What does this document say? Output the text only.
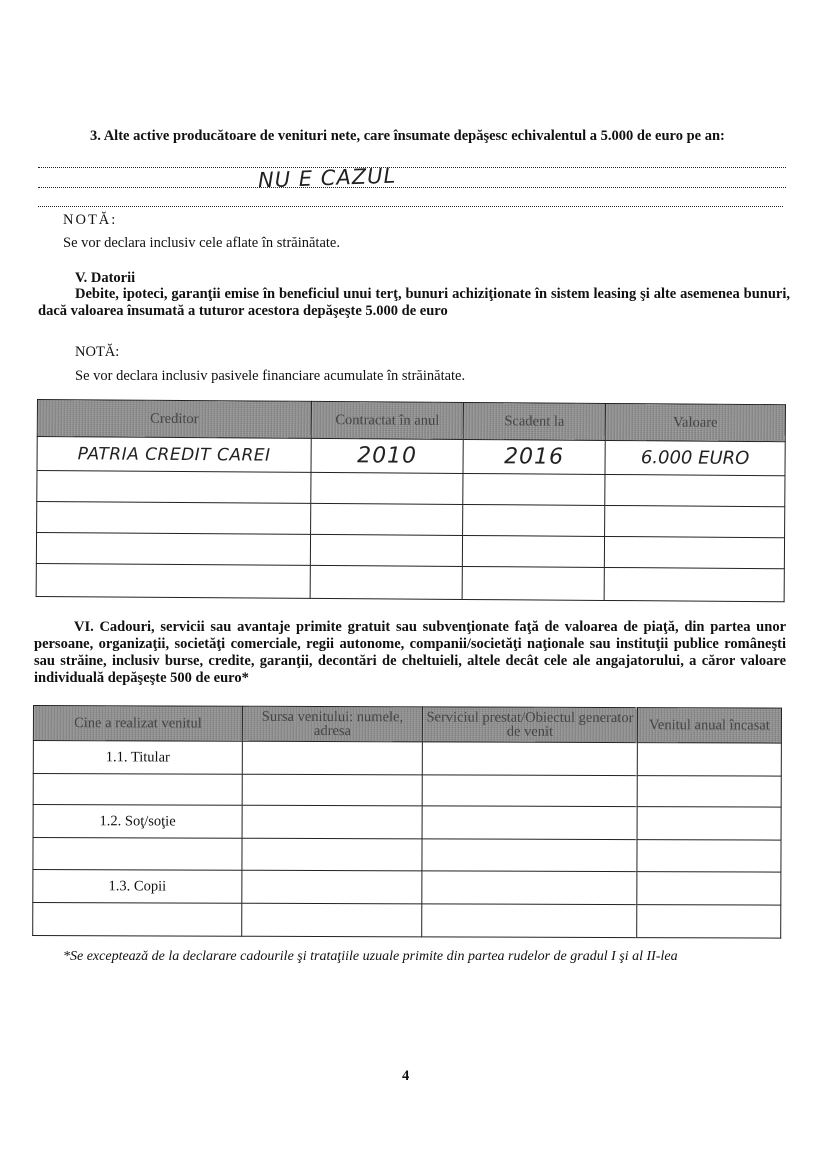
3. Alte active producătoare de venituri nete, care însumate depăşesc echivalentul a 5.000 de euro pe an:
NU E CAZUL
NOTĂ:
Se vor declara inclusiv cele aflate în străinătate.
V. Datorii
Debite, ipoteci, garanţii emise în beneficiul unui terţ, bunuri achiziţionate în sistem leasing şi alte asemenea bunuri, dacă valoarea însumată a tuturor acestora depăşeşte 5.000 de euro
NOTĂ:
Se vor declara inclusiv pasivele financiare acumulate în străinătate.
Creditor	Contractat în anul	Scadent la	Valoare
PATRIA CREDIT CAREI	2010	2016	6.000 EURO

VI. Cadouri, servicii sau avantaje primite gratuit sau subvenţionate faţă de valoarea de piaţă, din partea unor persoane, organizaţii, societăţi comerciale, regii autonome, companii/societăţi naţionale sau instituţii publice româneşti sau străine, inclusiv burse, credite, garanţii, decontări de cheltuieli, altele decât cele ale angajatorului, a căror valoare individuală depăşeşte 500 de euro*
Cine a realizat venitul	Sursa venitului: numele, adresa	Serviciul prestat/Obiectul generator de venit	Venitul anual încasat
1.1. Titular			

1.2. Soţ/soţie			

1.3. Copii			

*Se exceptează de la declarare cadourile şi trataţiile uzuale primite din partea rudelor de gradul I şi al II-lea
4
